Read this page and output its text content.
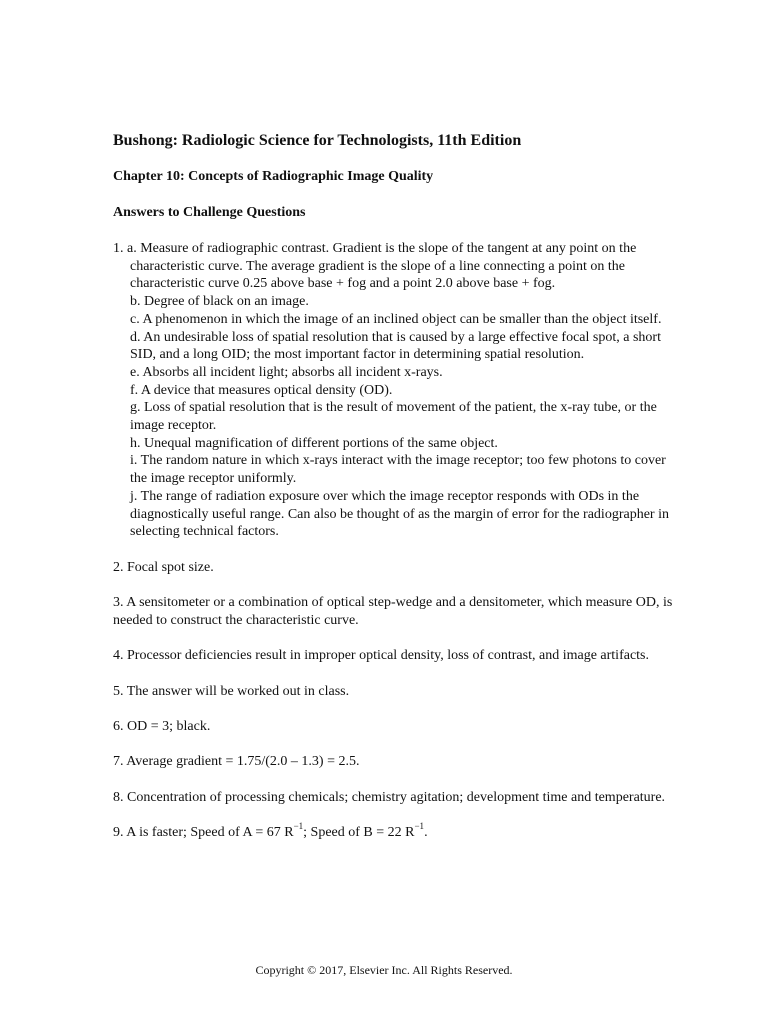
Bushong: Radiologic Science for Technologists, 11th Edition
Chapter 10: Concepts of Radiographic Image Quality
Answers to Challenge Questions
1. a. Measure of radiographic contrast. Gradient is the slope of the tangent at any point on the characteristic curve. The average gradient is the slope of a line connecting a point on the characteristic curve 0.25 above base + fog and a point 2.0 above base + fog.
b. Degree of black on an image.
c. A phenomenon in which the image of an inclined object can be smaller than the object itself.
d. An undesirable loss of spatial resolution that is caused by a large effective focal spot, a short SID, and a long OID; the most important factor in determining spatial resolution.
e. Absorbs all incident light; absorbs all incident x-rays.
f. A device that measures optical density (OD).
g. Loss of spatial resolution that is the result of movement of the patient, the x-ray tube, or the image receptor.
h. Unequal magnification of different portions of the same object.
i. The random nature in which x-rays interact with the image receptor; too few photons to cover the image receptor uniformly.
j. The range of radiation exposure over which the image receptor responds with ODs in the diagnostically useful range. Can also be thought of as the margin of error for the radiographer in selecting technical factors.
2. Focal spot size.
3. A sensitometer or a combination of optical step-wedge and a densitometer, which measure OD, is needed to construct the characteristic curve.
4. Processor deficiencies result in improper optical density, loss of contrast, and image artifacts.
5. The answer will be worked out in class.
6. OD = 3; black.
7. Average gradient = 1.75/(2.0 – 1.3) = 2.5.
8. Concentration of processing chemicals; chemistry agitation; development time and temperature.
9. A is faster; Speed of A = 67 $R^{-1}$; Speed of B = 22 $R^{-1}$.
Copyright © 2017, Elsevier Inc. All Rights Reserved.
